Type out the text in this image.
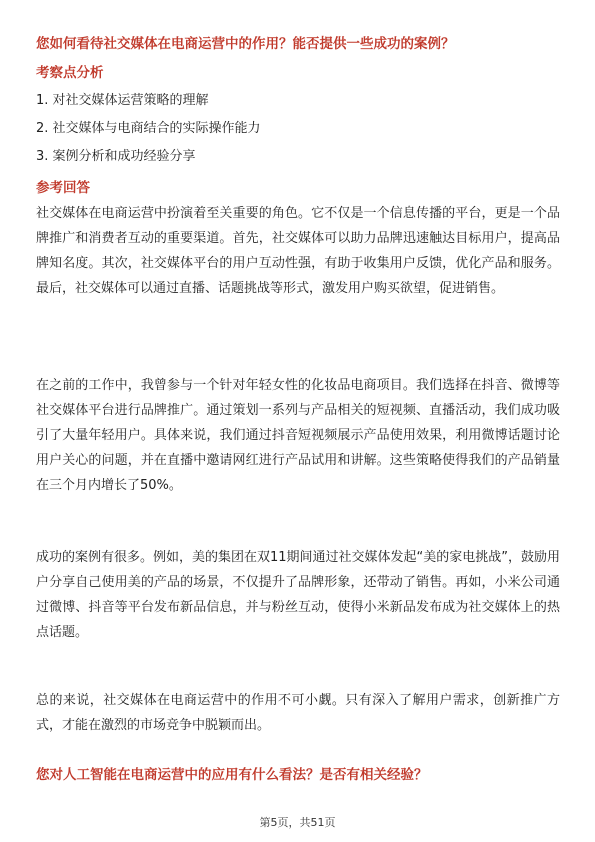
您如何看待社交媒体在电商运营中的作用？能否提供一些成功的案例？
考察点分析
1. 对社交媒体运营策略的理解
2. 社交媒体与电商结合的实际操作能力
3. 案例分析和成功经验分享
参考回答

社交媒体在电商运营中扮演着至关重要的角色。它不仅是一个信息传播的平台，更是一个品牌推广和消费者互动的重要渠道。首先，社交媒体可以助力品牌迅速触达目标用户，提高品牌知名度。其次，社交媒体平台的用户互动性强，有助于收集用户反馈，优化产品和服务。最后，社交媒体可以通过直播、话题挑战等形式，激发用户购买欲望，促进销售。

在之前的工作中，我曾参与一个针对年轻女性的化妆品电商项目。我们选择在抖音、微博等社交媒体平台进行品牌推广。通过策划一系列与产品相关的短视频、直播活动，我们成功吸引了大量年轻用户。具体来说，我们通过抖音短视频展示产品使用效果，利用微博话题讨论用户关心的问题，并在直播中邀请网红进行产品试用和讲解。这些策略使得我们的产品销量在三个月内增长了50%。

成功的案例有很多。例如，美的集团在双11期间通过社交媒体发起“美的家电挑战”，鼓励用户分享自己使用美的产品的场景，不仅提升了品牌形象，还带动了销售。再如，小米公司通过微博、抖音等平台发布新品信息，并与粉丝互动，使得小米新品发布成为社交媒体上的热点话题。

总的来说，社交媒体在电商运营中的作用不可小觑。只有深入了解用户需求，创新推广方式，才能在激烈的市场竞争中脱颖而出。

您对人工智能在电商运营中的应用有什么看法？是否有相关经验？
第5页，共51页
